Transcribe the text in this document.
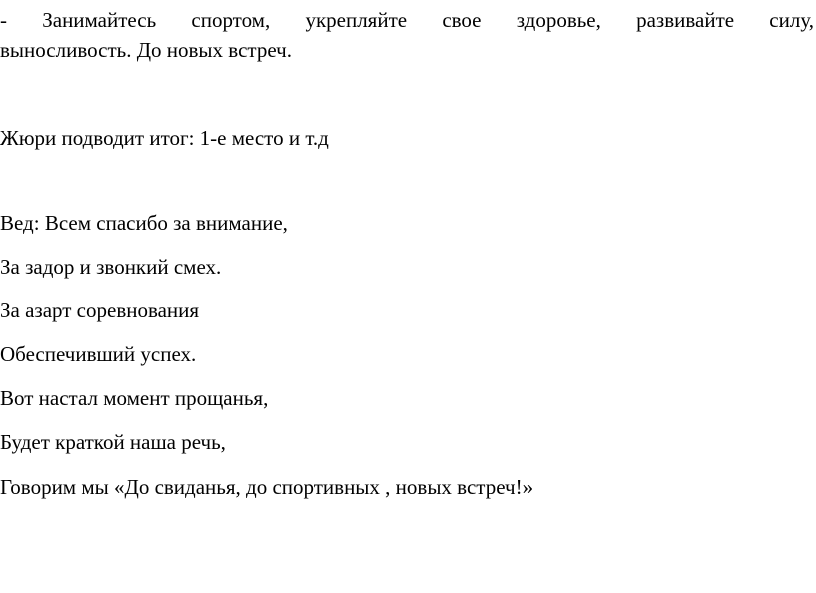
- Занимайтесь спортом, укрепляйте свое здоровье, развивайте силу,
выносливость. До новых встреч.
Жюри подводит итог: 1-е место и т.д
Вед: Всем спасибо за внимание,
За задор и звонкий смех.
За азарт соревнования
Обеспечивший успех.
Вот настал момент прощанья,
Будет краткой наша речь,
Говорим мы «До свиданья, до спортивных , новых встреч!»
